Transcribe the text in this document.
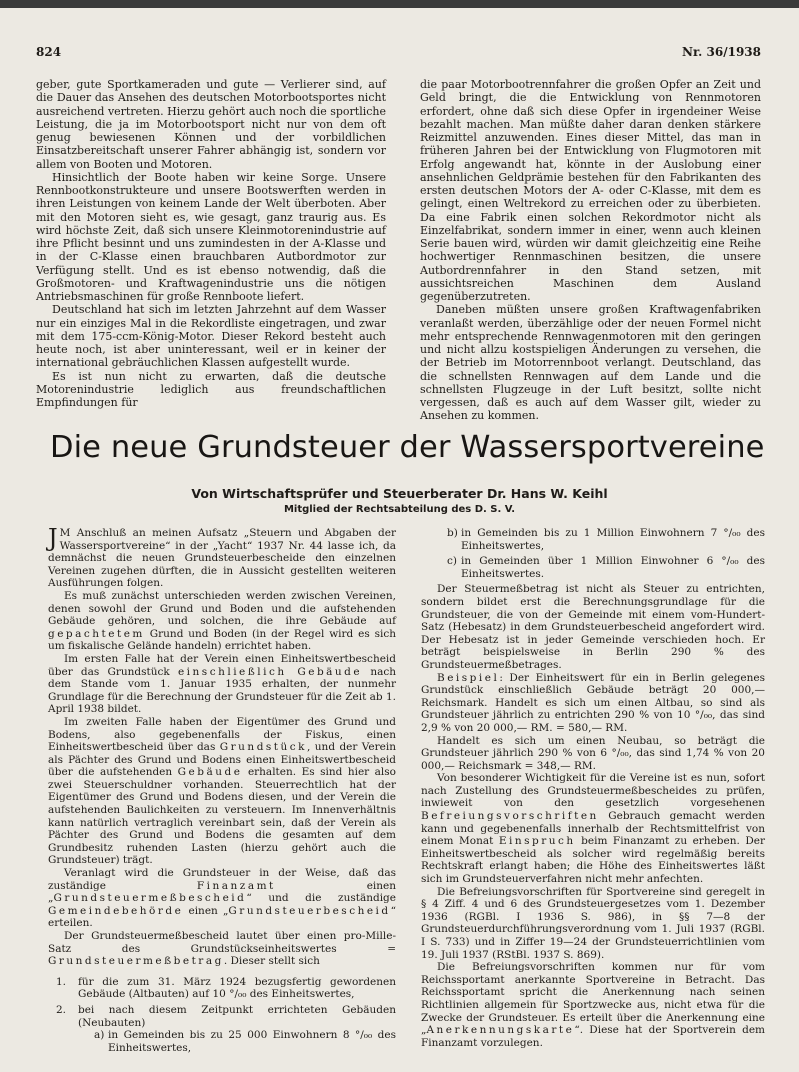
824	Nr. 36/1938

geber, gute Sportkameraden und gute — Verlierer sind, auf die Dauer das Ansehen des deutschen Motorbootsportes nicht ausreichend vertreten. Hierzu gehört auch noch die sportliche Leistung, die ja im Motorbootsport nicht nur von dem oft genug bewiesenen Können und der vorbildlichen Einsatzbereitschaft unserer Fahrer abhängig ist, sondern vor allem von Booten und Motoren.

Hinsichtlich der Boote haben wir keine Sorge. Unsere Rennbootkonstrukteure und unsere Bootswerften werden in ihren Leistungen von keinem Lande der Welt überboten. Aber mit den Motoren sieht es, wie gesagt, ganz traurig aus. Es wird höchste Zeit, daß sich unsere Kleinmotorenindustrie auf ihre Pflicht besinnt und uns zumindesten in der A-Klasse und in der C-Klasse einen brauchbaren Autbordmotor zur Verfügung stellt. Und es ist ebenso notwendig, daß die Großmotoren- und Kraftwagenindustrie uns die nötigen Antriebsmaschinen für große Rennboote liefert.

Deutschland hat sich im letzten Jahrzehnt auf dem Wasser nur ein einziges Mal in die Rekordliste eingetragen, und zwar mit dem 175-ccm-König-Motor. Dieser Rekord besteht auch heute noch, ist aber uninteressant, weil er in keiner der international gebräuchlichen Klassen aufgestellt wurde.

Es ist nun nicht zu erwarten, daß die deutsche Motorenindustrie lediglich aus freundschaftlichen Empfindungen für

die paar Motorbootrennfahrer die großen Opfer an Zeit und Geld bringt, die die Entwicklung von Rennmotoren erfordert, ohne daß sich diese Opfer in irgendeiner Weise bezahlt machen. Man müßte daher daran denken stärkere Reizmittel anzuwenden. Eines dieser Mittel, das man in früheren Jahren bei der Entwicklung von Flugmotoren mit Erfolg angewandt hat, könnte in der Auslobung einer ansehnlichen Geldprämie bestehen für den Fabrikanten des ersten deutschen Motors der A- oder C-Klasse, mit dem es gelingt, einen Weltrekord zu erreichen oder zu überbieten. Da eine Fabrik einen solchen Rekordmotor nicht als Einzelfabrikat, sondern immer in einer, wenn auch kleinen Serie bauen wird, würden wir damit gleichzeitig eine Reihe hochwertiger Rennmaschinen besitzen, die unsere Autbordrennfahrer in den Stand setzen, mit aussichtsreichen Maschinen dem Ausland gegenüberzutreten.

Daneben müßten unsere großen Kraftwagenfabriken veranlaßt werden, überzählige oder der neuen Formel nicht mehr entsprechende Rennwagenmotoren mit den geringen und nicht allzu kostspieligen Änderungen zu versehen, die der Betrieb im Motorrennboot verlangt. Deutschland, das die schnellsten Rennwagen auf dem Lande und die schnellsten Flugzeuge in der Luft besitzt, sollte nicht vergessen, daß es auch auf dem Wasser gilt, wieder zu Ansehen zu kommen.

Die neue Grundsteuer der Wassersportvereine
Von Wirtschaftsprüfer und Steuerberater Dr. Hans W. Keihl
Mitglied der Rechtsabteilung des D. S. V.

J M Anschluß an meinen Aufsatz „Steuern und Abgaben der Wassersportvereine“ in der „Yacht“ 1937 Nr. 44 lasse ich, da demnächst die neuen Grundsteuerbescheide den einzelnen Vereinen zugehen dürften, die in Aussicht gestellten weiteren Ausführungen folgen.

Es muß zunächst unterschieden werden zwischen Vereinen, denen sowohl der Grund und Boden und die aufstehenden Gebäude gehören, und solchen, die ihre Gebäude auf gepachtetem Grund und Boden (in der Regel wird es sich um fiskalische Gelände handeln) errichtet haben.

Im ersten Falle hat der Verein einen Einheitswertbescheid über das Grundstück einschließlich Gebäude nach dem Stande vom 1. Januar 1935 erhalten, der nunmehr Grundlage für die Berechnung der Grundsteuer für die Zeit ab 1. April 1938 bildet.

Im zweiten Falle haben der Eigentümer des Grund und Bodens, also gegebenenfalls der Fiskus, einen Einheitswertbescheid über das Grundstück, und der Verein als Pächter des Grund und Bodens einen Einheitswertbescheid über die aufstehenden Gebäude erhalten. Es sind hier also zwei Steuerschuldner vorhanden. Steuerrechtlich hat der Eigentümer des Grund und Bodens diesen, und der Verein die aufstehenden Baulichkeiten zu versteuern. Im Innenverhältnis kann natürlich vertraglich vereinbart sein, daß der Verein als Pächter des Grund und Bodens die gesamten auf dem Grundbesitz ruhenden Lasten (hierzu gehört auch die Grundsteuer) trägt.

Veranlagt wird die Grundsteuer in der Weise, daß das zuständige	Finanzamt	einen „Grundsteuermeßbescheid“ und die zuständige Gemeindebehörde einen „Grundsteuerbescheid“ erteilen.

Der Grundsteuermeßbescheid lautet über einen pro-Mille-Satz des Grundstückseinheitswertes = Grundsteuermeßbetrag. Dieser stellt sich

1. für die zum 31. März 1924 bezugsfertig gewordenen Gebäude (Altbauten) auf 10 °/₀₀ des Einheitswertes,
2. bei nach diesem Zeitpunkt errichteten Gebäuden (Neubauten)
a) in Gemeinden bis zu 25 000 Einwohnern 8 °/₀₀ des Einheitswertes,
b) in Gemeinden bis zu 1 Million Einwohnern 7 °/₀₀ des Einheitswertes,
c) in Gemeinden über 1 Million Einwohner 6 °/₀₀ des Einheitswertes.

Der Steuermeßbetrag ist nicht als Steuer zu entrichten, sondern bildet erst die Berechnungsgrundlage für die Grundsteuer, die von der Gemeinde mit einem vom-Hundert-Satz (Hebesatz) in dem Grundsteuerbescheid angefordert wird. Der Hebesatz ist in jeder Gemeinde verschieden hoch. Er beträgt beispielsweise in Berlin 290 % des Grundsteuermeßbetrages.

Beispiel: Der Einheitswert für ein in Berlin gelegenes Grundstück einschließlich Gebäude beträgt 20 000,— Reichsmark. Handelt es sich um einen Altbau, so sind als Grundsteuer jährlich zu entrichten 290 % von 10 °/₀₀, das sind 2,9 % von 20 000,— RM. = 580,— RM.

Handelt es sich um einen Neubau, so beträgt die Grundsteuer jährlich 290 % von 6 °/₀₀, das sind 1,74 % von 20 000,— Reichsmark = 348,— RM.

Von besonderer Wichtigkeit für die Vereine ist es nun, sofort nach Zustellung des Grundsteuermeßbescheides zu prüfen, inwieweit von den gesetzlich vorgesehenen Befreiungsvorschriften Gebrauch gemacht werden kann und gegebenenfalls innerhalb der Rechtsmittelfrist von einem Monat Einspruch beim Finanzamt zu erheben. Der Einheitswertbescheid als solcher wird regelmäßig bereits Rechtskraft erlangt haben; die Höhe des Einheitswertes läßt sich im Grundsteuerverfahren nicht mehr anfechten.

Die Befreiungsvorschriften für Sportvereine sind geregelt in § 4 Ziff. 4 und 6 des Grundsteuergesetzes vom 1. Dezember 1936 (RGBl. I 1936 S. 986), in §§ 7—8 der Grundsteuerdurchführungsverordnung vom 1. Juli 1937 (RGBl. I S. 733) und in Ziffer 19—24 der Grundsteuerrichtlinien vom 19. Juli 1937 (RStBl. 1937 S. 869).

Die Befreiungsvorschriften kommen nur für vom Reichssportamt anerkannte Sportvereine in Betracht. Das Reichssportamt spricht die Anerkennung nach seinen Richtlinien allgemein für Sportzwecke aus, nicht etwa für die Zwecke der Grundsteuer. Es erteilt über die Anerkennung eine „Anerkennungskarte“. Diese hat der Sportverein dem Finanzamt vorzulegen.
